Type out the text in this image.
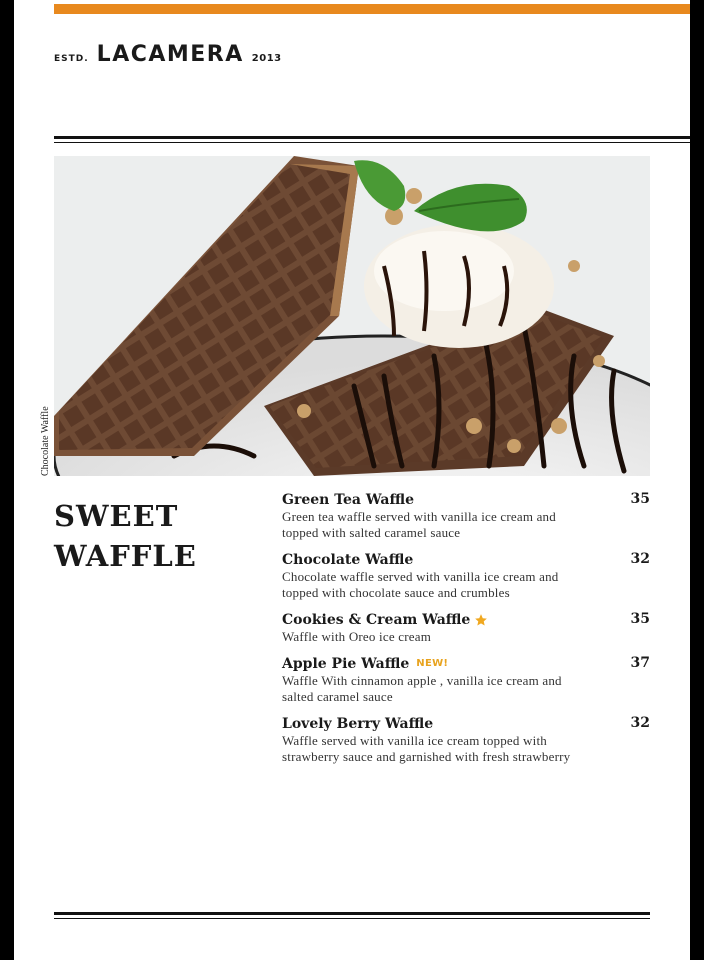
ESTD. LACAMERA 2013
Chocolate Waffle
SWEET
WAFFLE
Green Tea Waffle
Green tea waffle served with vanilla ice cream and topped with salted caramel sauce
35
Chocolate Waffle
Chocolate waffle served with vanilla ice cream and topped with chocolate sauce and crumbles
32
Cookies & Cream Waffle
Waffle with Oreo ice cream
35
Apple Pie Waffle NEW!
Waffle With cinnamon apple , vanilla ice cream and salted caramel sauce
37
Lovely Berry Waffle
Waffle served with vanilla ice cream topped with strawberry sauce and garnished with fresh strawberry
32
